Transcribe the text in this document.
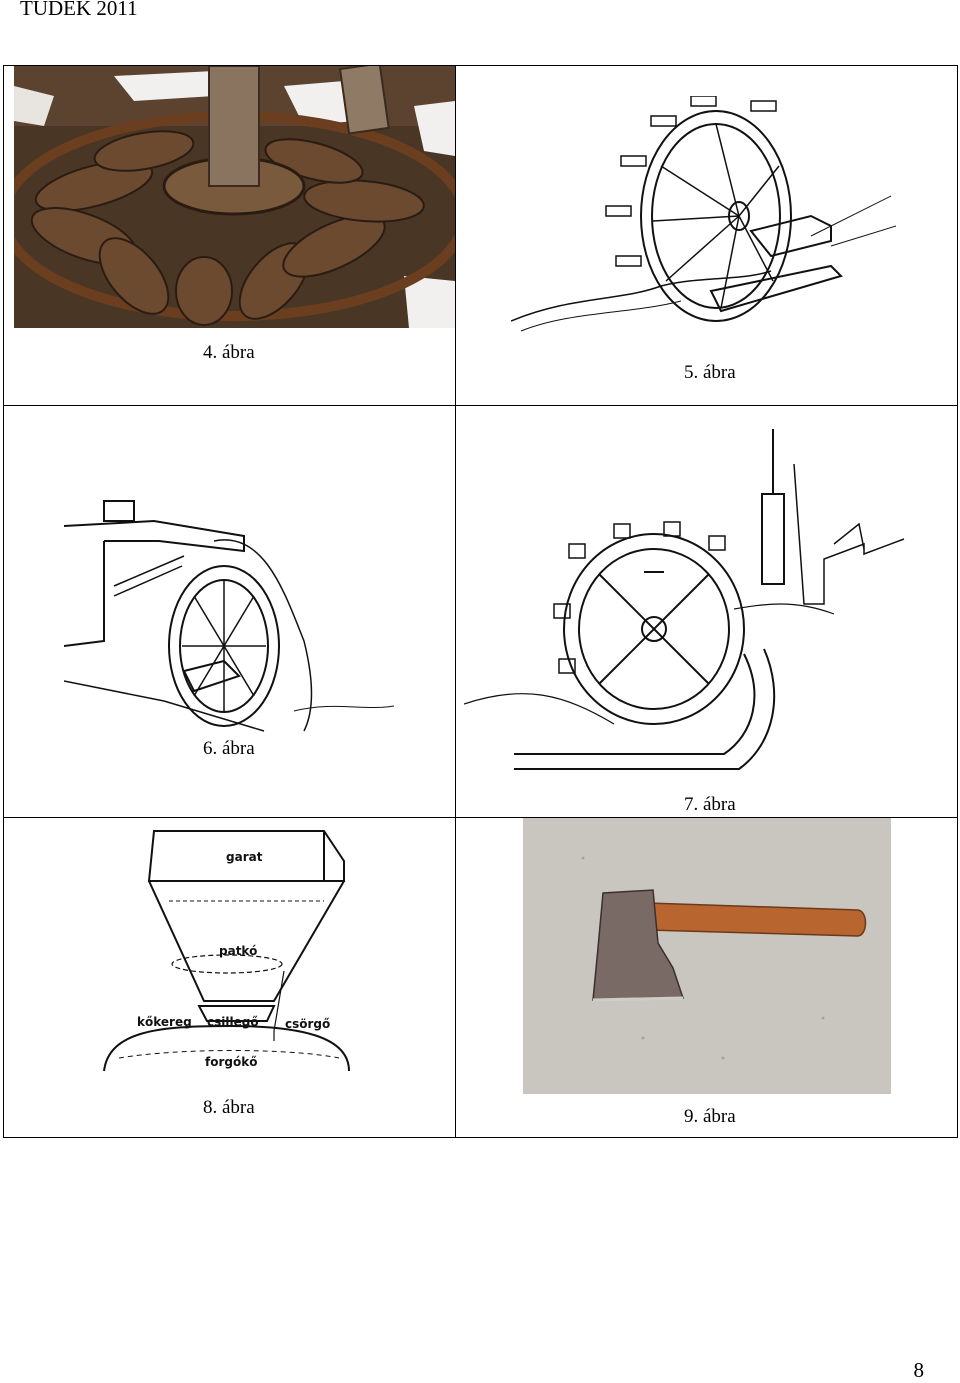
TUDEK 2011
4. ábra
5. ábra
6. ábra
7. ábra
garat
patkó
kőkereg csillegő csörgő
forgókő
8. ábra	9. ábra
8
